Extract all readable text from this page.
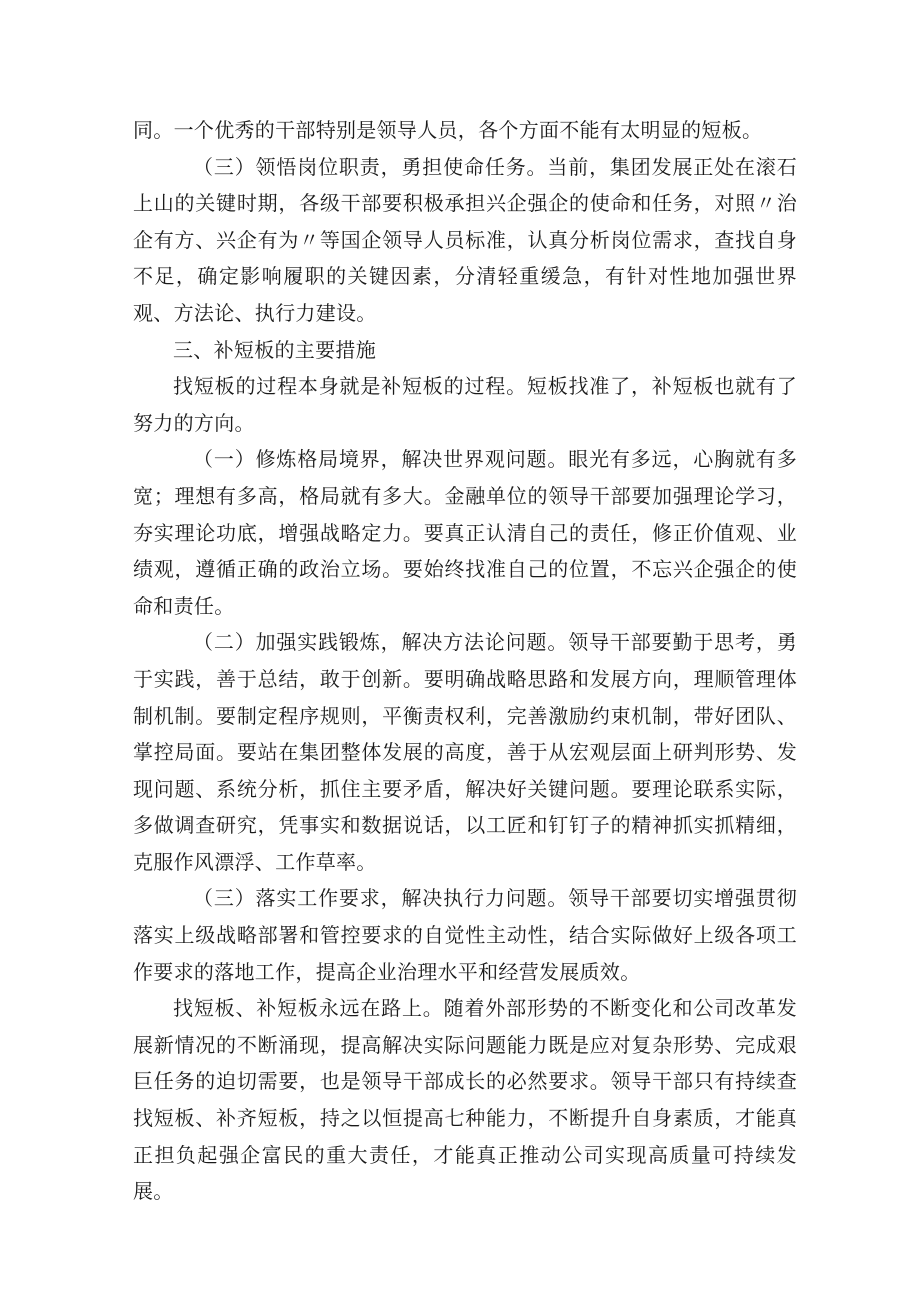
同。一个优秀的干部特别是领导人员，各个方面不能有太明显的短板。

（三）领悟岗位职责，勇担使命任务。当前，集团发展正处在滚石上山的关键时期，各级干部要积极承担兴企强企的使命和任务，对照〃治企有方、兴企有为〃等国企领导人员标准，认真分析岗位需求，查找自身不足，确定影响履职的关键因素，分清轻重缓急，有针对性地加强世界观、方法论、执行力建设。

三、补短板的主要措施

找短板的过程本身就是补短板的过程。短板找准了，补短板也就有了努力的方向。

（一）修炼格局境界，解决世界观问题。眼光有多远，心胸就有多宽；理想有多高，格局就有多大。金融单位的领导干部要加强理论学习，夯实理论功底，增强战略定力。要真正认清自己的责任，修正价值观、业绩观，遵循正确的政治立场。要始终找准自己的位置，不忘兴企强企的使命和责任。

（二）加强实践锻炼，解决方法论问题。领导干部要勤于思考，勇于实践，善于总结，敢于创新。要明确战略思路和发展方向，理顺管理体制机制。要制定程序规则，平衡责权利，完善激励约束机制，带好团队、掌控局面。要站在集团整体发展的高度，善于从宏观层面上研判形势、发现问题、系统分析，抓住主要矛盾，解决好关键问题。要理论联系实际，多做调查研究，凭事实和数据说话，以工匠和钉钉子的精神抓实抓精细，克服作风漂浮、工作草率。

（三）落实工作要求，解决执行力问题。领导干部要切实增强贯彻落实上级战略部署和管控要求的自觉性主动性，结合实际做好上级各项工作要求的落地工作，提高企业治理水平和经营发展质效。

找短板、补短板永远在路上。随着外部形势的不断变化和公司改革发展新情况的不断涌现，提高解决实际问题能力既是应对复杂形势、完成艰巨任务的迫切需要，也是领导干部成长的必然要求。领导干部只有持续查找短板、补齐短板，持之以恒提高七种能力，不断提升自身素质，才能真正担负起强企富民的重大责任，才能真正推动公司实现高质量可持续发展。
